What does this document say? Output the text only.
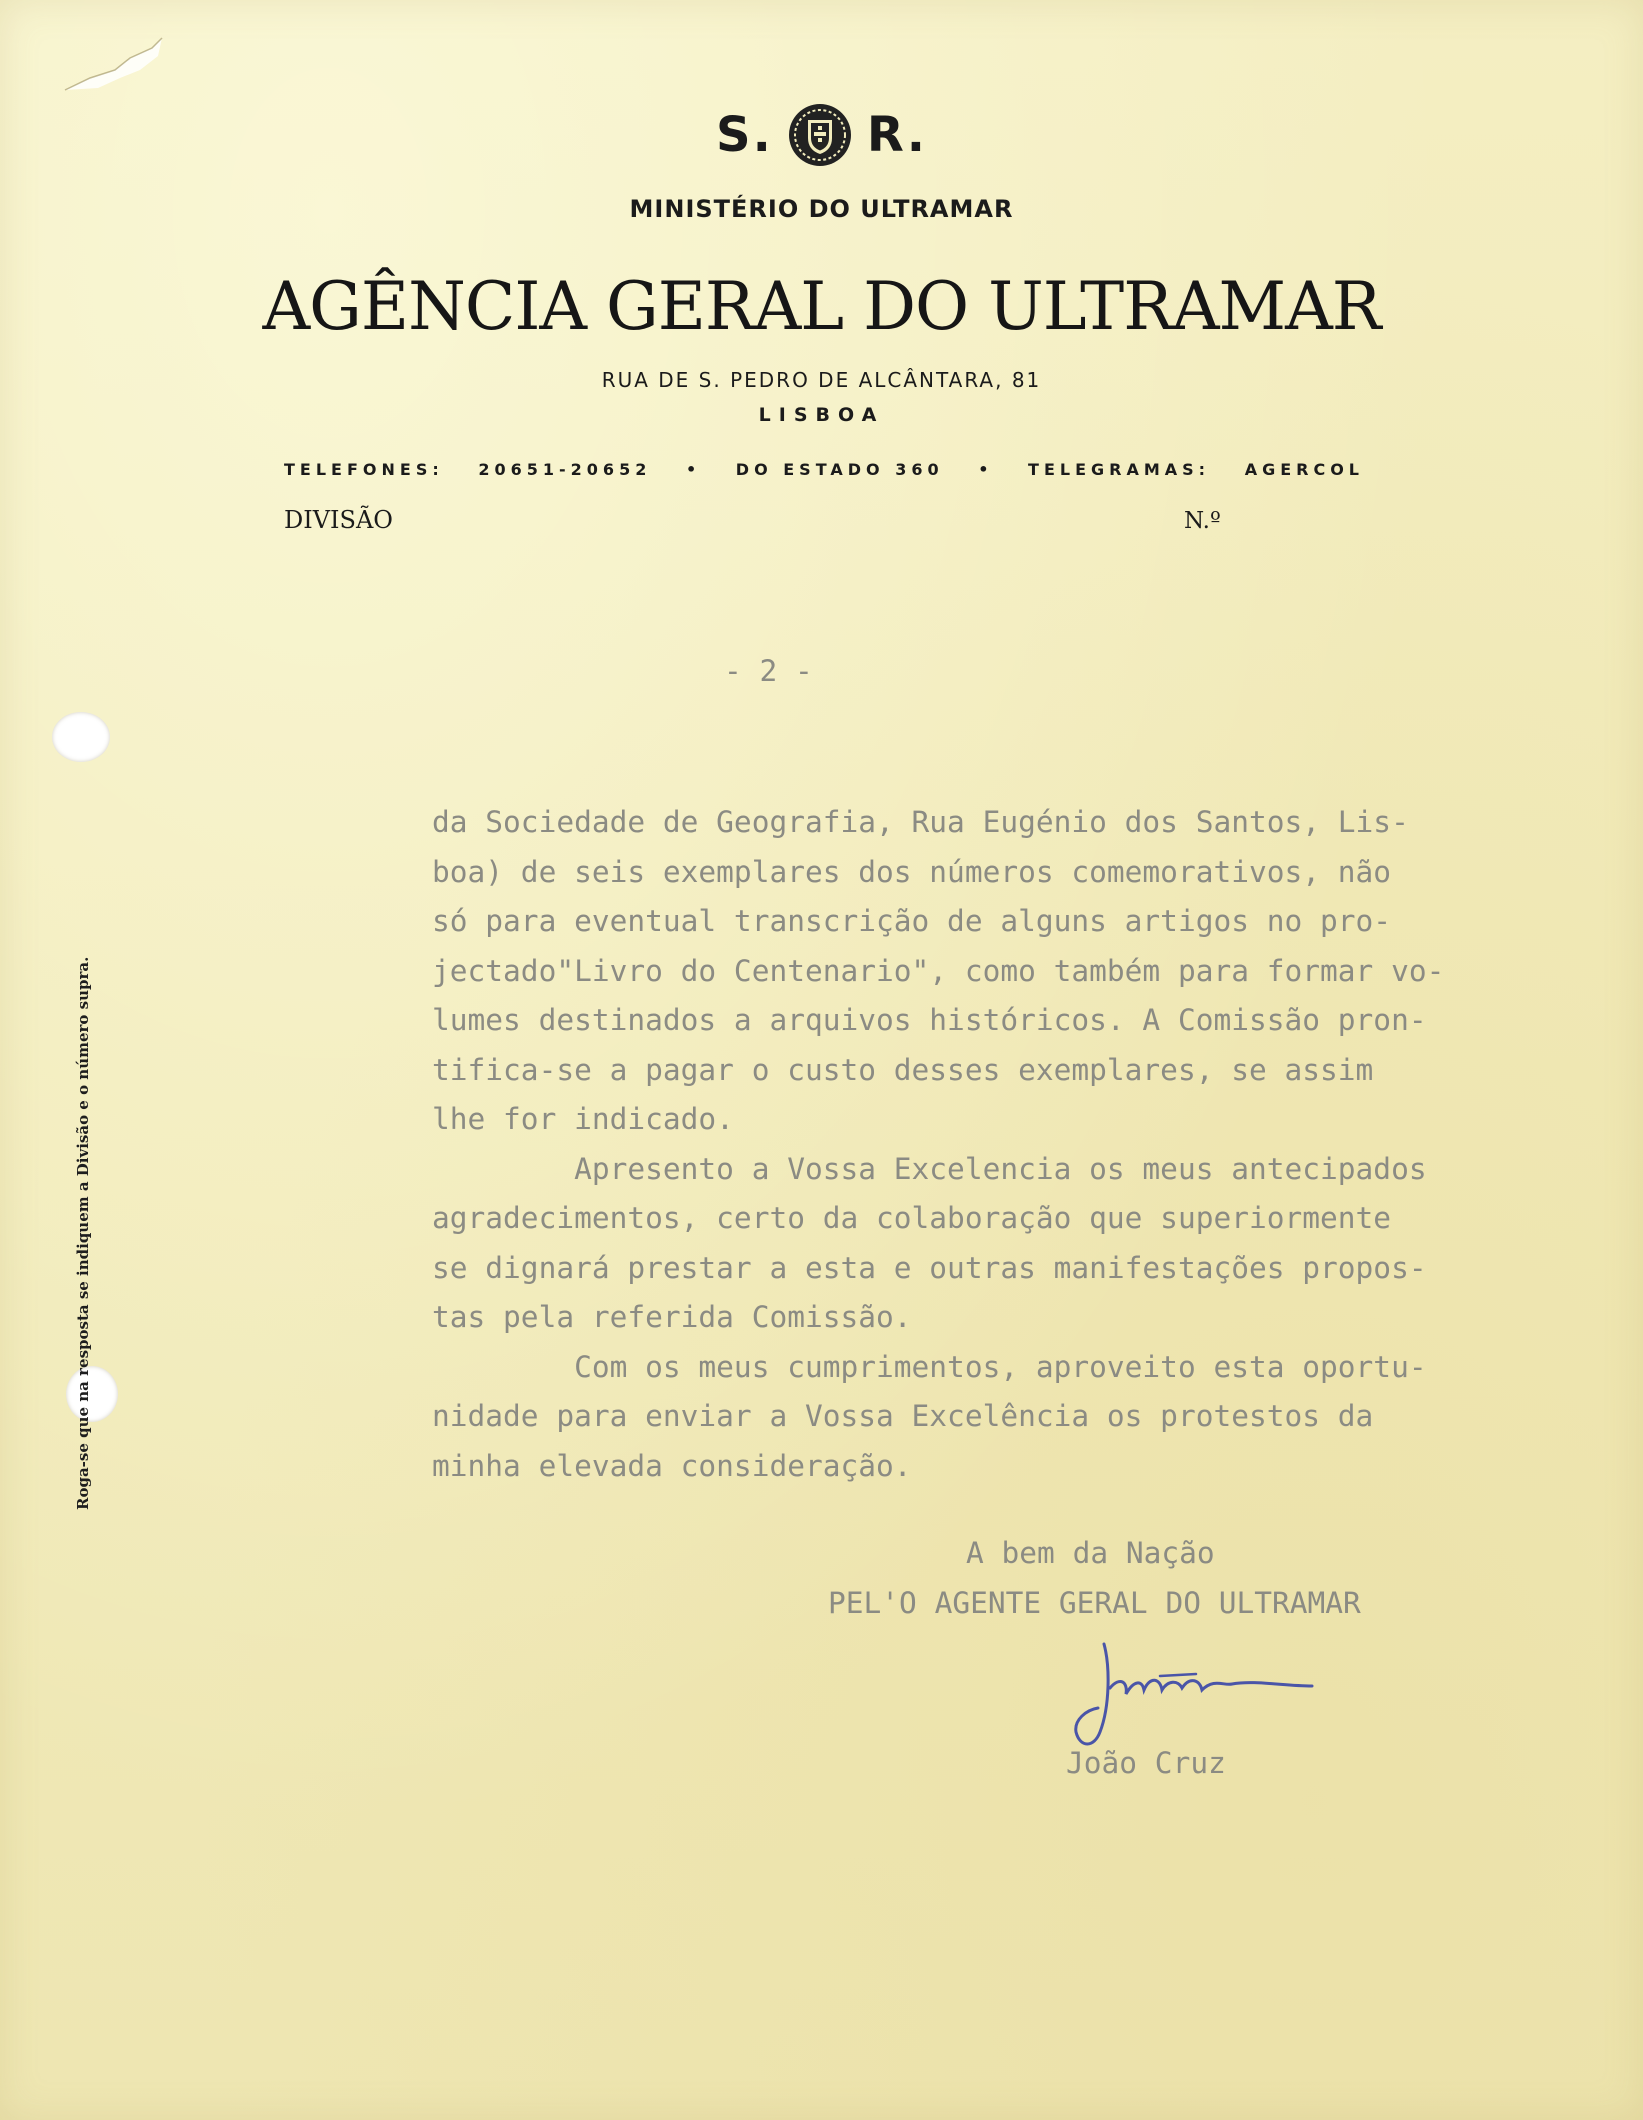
S. R.
MINISTÉRIO DO ULTRAMAR
AGÊNCIA GERAL DO ULTRAMAR
RUA DE S. PEDRO DE ALCÂNTARA, 81
LISBOA
TELEFONES: 20651-20652 • DO ESTADO 360 • TELEGRAMAS: AGERCOL
DIVISÃO	N.º
Roga-se que na resposta se indiquem a Divisão e o número supra.
- 2 -
da Sociedade de Geografia, Rua Eugénio dos Santos, Lis-
boa) de seis exemplares dos números comemorativos, não
só para eventual transcrição de alguns artigos no pro-
jectado"Livro do Centenario", como também para formar vo-
lumes destinados a arquivos históricos. A Comissão pron-
tifica-se a pagar o custo desses exemplares, se assim
lhe for indicado.
Apresento a Vossa Excelencia os meus antecipados
agradecimentos, certo da colaboração que superiormente
se dignará prestar a esta e outras manifestações propos-
tas pela referida Comissão.
Com os meus cumprimentos, aproveito esta oportu-
nidade para enviar a Vossa Excelência os protestos da
minha elevada consideração.
A bem da Nação
PEL'O AGENTE GERAL DO ULTRAMAR
João Cruz
